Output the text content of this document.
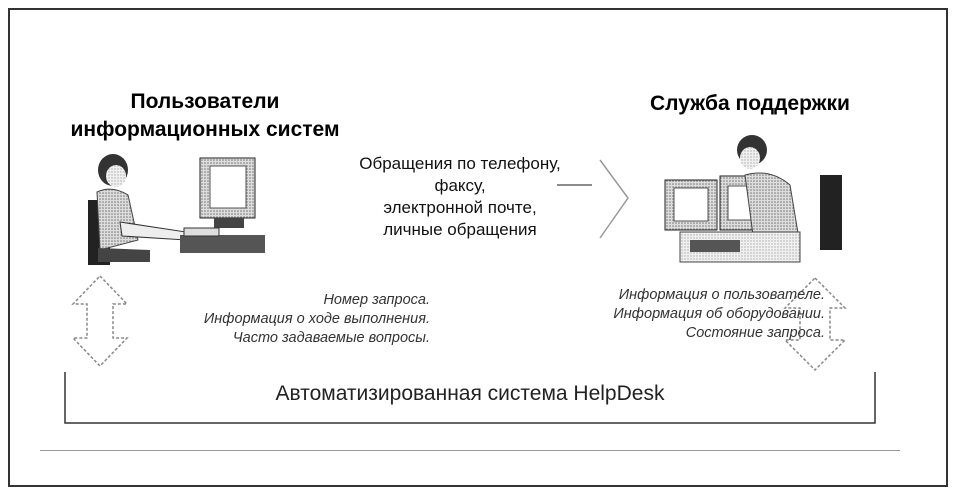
Пользователи
информационных систем
Служба поддержки
Обращения по телефону,
факсу,
электронной почте,
личные обращения
Номер запроса.
Информация о ходе выполнения.
Часто задаваемые вопросы.
Информация о пользователе.
Информация об оборудовании.
Состояние запроса.
Автоматизированная система HelpDesk
